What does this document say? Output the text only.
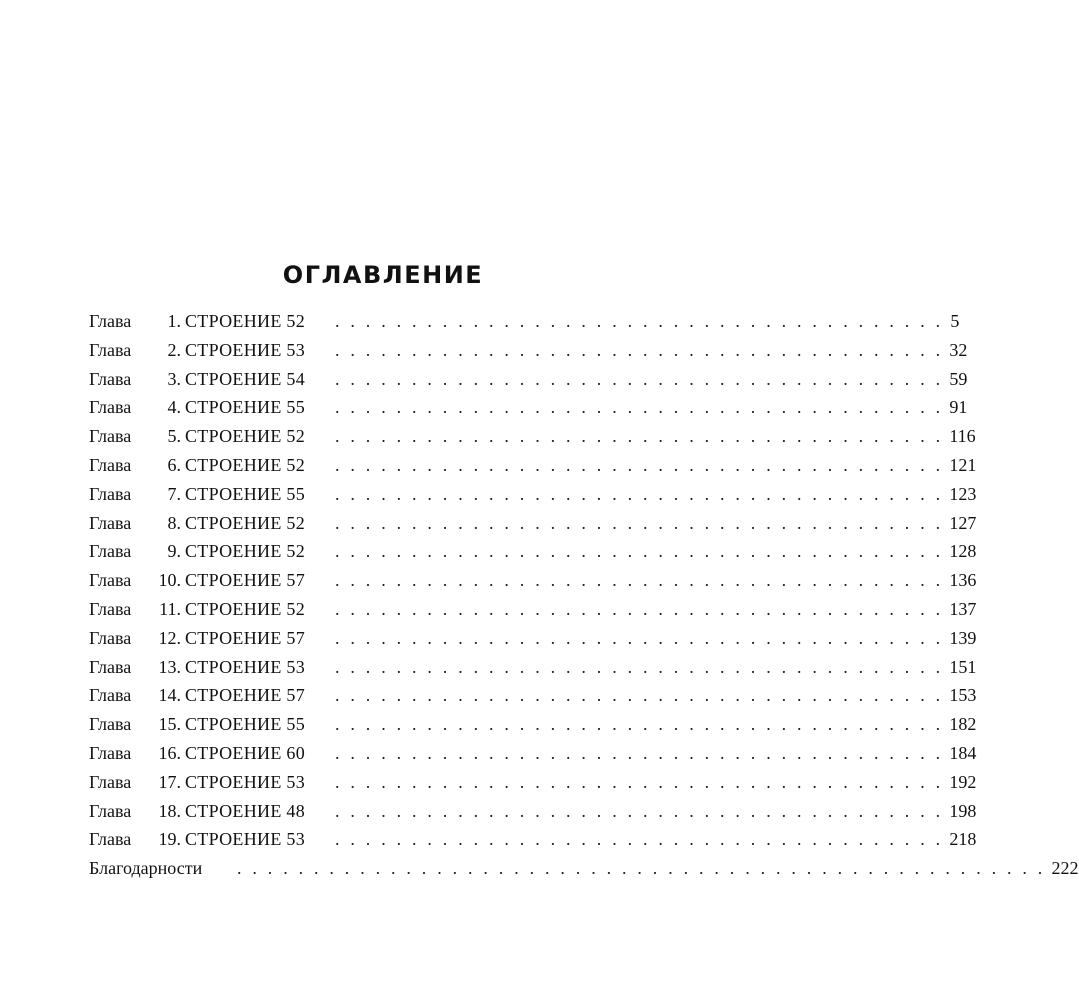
ОГЛАВЛЕНИЕ
Глава 1. СТРОЕНИЕ 52	. . . . . . . . . . . . . . . . . . . . . . . . . . . . . . . . . . . . . . . . 5
Глава 2. СТРОЕНИЕ 53	. . . . . . . . . . . . . . . . . . . . . . . . . . . . . . . . . . . . . . . . 32
Глава 3. СТРОЕНИЕ 54	. . . . . . . . . . . . . . . . . . . . . . . . . . . . . . . . . . . . . . . . 59
Глава 4. СТРОЕНИЕ 55	. . . . . . . . . . . . . . . . . . . . . . . . . . . . . . . . . . . . . . . . 91
Глава 5. СТРОЕНИЕ 52	. . . . . . . . . . . . . . . . . . . . . . . . . . . . . . . . . . . . . . . . 116
Глава 6. СТРОЕНИЕ 52	. . . . . . . . . . . . . . . . . . . . . . . . . . . . . . . . . . . . . . . . 121
Глава 7. СТРОЕНИЕ 55	. . . . . . . . . . . . . . . . . . . . . . . . . . . . . . . . . . . . . . . . 123
Глава 8. СТРОЕНИЕ 52	. . . . . . . . . . . . . . . . . . . . . . . . . . . . . . . . . . . . . . . . 127
Глава 9. СТРОЕНИЕ 52	. . . . . . . . . . . . . . . . . . . . . . . . . . . . . . . . . . . . . . . . 128
Глава 10. СТРОЕНИЕ 57	. . . . . . . . . . . . . . . . . . . . . . . . . . . . . . . . . . . . . . . . 136
Глава 11. СТРОЕНИЕ 52	. . . . . . . . . . . . . . . . . . . . . . . . . . . . . . . . . . . . . . . . 137
Глава 12. СТРОЕНИЕ 57	. . . . . . . . . . . . . . . . . . . . . . . . . . . . . . . . . . . . . . . . 139
Глава 13. СТРОЕНИЕ 53	. . . . . . . . . . . . . . . . . . . . . . . . . . . . . . . . . . . . . . . . 151
Глава 14. СТРОЕНИЕ 57	. . . . . . . . . . . . . . . . . . . . . . . . . . . . . . . . . . . . . . . . 153
Глава 15. СТРОЕНИЕ 55	. . . . . . . . . . . . . . . . . . . . . . . . . . . . . . . . . . . . . . . . 182
Глава 16. СТРОЕНИЕ 60	. . . . . . . . . . . . . . . . . . . . . . . . . . . . . . . . . . . . . . . . 184
Глава 17. СТРОЕНИЕ 53	. . . . . . . . . . . . . . . . . . . . . . . . . . . . . . . . . . . . . . . . 192
Глава 18. СТРОЕНИЕ 48	. . . . . . . . . . . . . . . . . . . . . . . . . . . . . . . . . . . . . . . . 198
Глава 19. СТРОЕНИЕ 53	. . . . . . . . . . . . . . . . . . . . . . . . . . . . . . . . . . . . . . . . 218
Благодарности	. . . . . . . . . . . . . . . . . . . . . . . . . . . . . . . . . . . . . . . . . . . . . . . . . . . . . 222
